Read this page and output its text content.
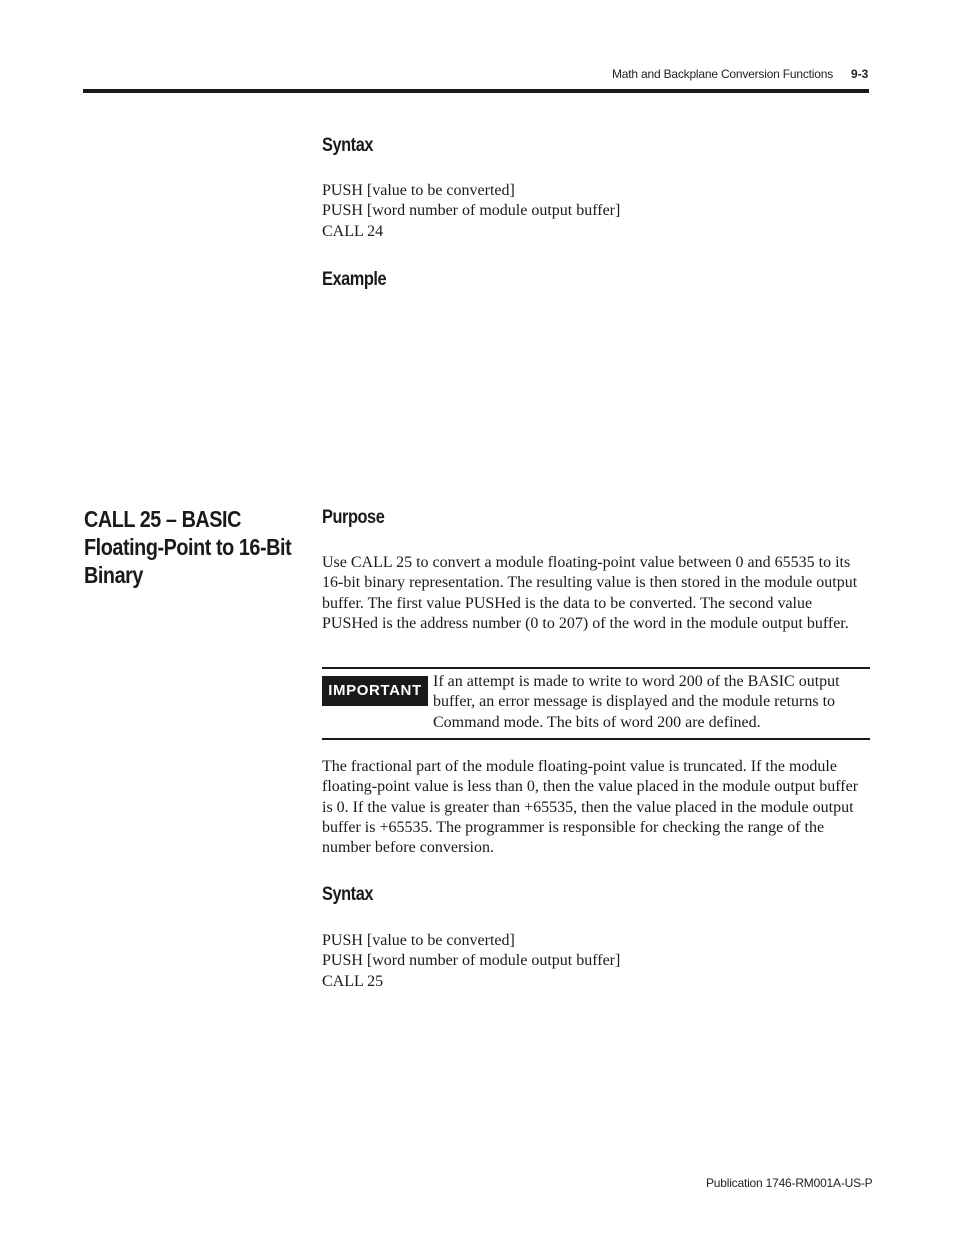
Math and Backplane Conversion Functions 9-3
Syntax
PUSH [value to be converted]
PUSH [word number of module output buffer]
CALL 24
Example
CALL 25 – BASIC Floating-Point to 16-Bit Binary
Purpose
Use CALL 25 to convert a module floating-point value between 0 and 65535 to its 16-bit binary representation. The resulting value is then stored in the module output buffer. The first value PUSHed is the data to be converted. The second value PUSHed is the address number (0 to 207) of the word in the module output buffer.
IMPORTANT
If an attempt is made to write to word 200 of the BASIC output buffer, an error message is displayed and the module returns to Command mode. The bits of word 200 are defined.
The fractional part of the module floating-point value is truncated. If the module floating-point value is less than 0, then the value placed in the module output buffer is 0. If the value is greater than +65535, then the value placed in the module output buffer is +65535. The programmer is responsible for checking the range of the number before conversion.
Syntax
PUSH [value to be converted]
PUSH [word number of module output buffer]
CALL 25
Publication 1746-RM001A-US-P
